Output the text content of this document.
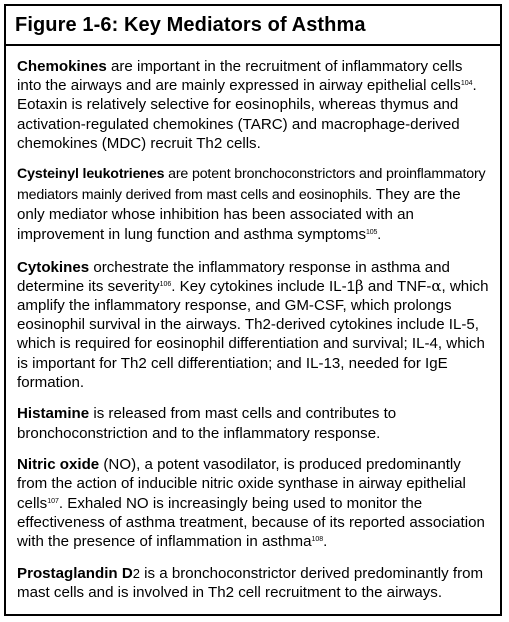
Figure 1-6: Key Mediators of Asthma

Chemokines are important in the recruitment of inflammatory cells into the airways and are mainly expressed in airway epithelial cells$^{104}$. Eotaxin is relatively selective for eosinophils, whereas thymus and activation-regulated chemokines (TARC) and macrophage-derived chemokines (MDC) recruit Th2 cells.

Cysteinyl leukotrienes are potent bronchoconstrictors and proinflammatory mediators mainly derived from mast cells and eosinophils. They are the only mediator whose inhibition has been associated with an improvement in lung function and asthma symptoms$^{105}$.

Cytokines orchestrate the inflammatory response in asthma and determine its severity$^{106}$. Key cytokines include IL-1β and TNF-α, which amplify the inflammatory response, and GM-CSF, which prolongs eosinophil survival in the airways. Th2-derived cytokines include IL-5, which is required for eosinophil differentiation and survival; IL-4, which is important for Th2 cell differentiation; and IL-13, needed for IgE formation.

Histamine is released from mast cells and contributes to bronchoconstriction and to the inflammatory response.

Nitric oxide (NO), a potent vasodilator, is produced predominantly from the action of inducible nitric oxide synthase in airway epithelial cells$^{107}$. Exhaled NO is increasingly being used to monitor the effectiveness of asthma treatment, because of its reported association with the presence of inflammation in asthma$^{108}$.

Prostaglandin D2 is a bronchoconstrictor derived predominantly from mast cells and is involved in Th2 cell recruitment to the airways.
